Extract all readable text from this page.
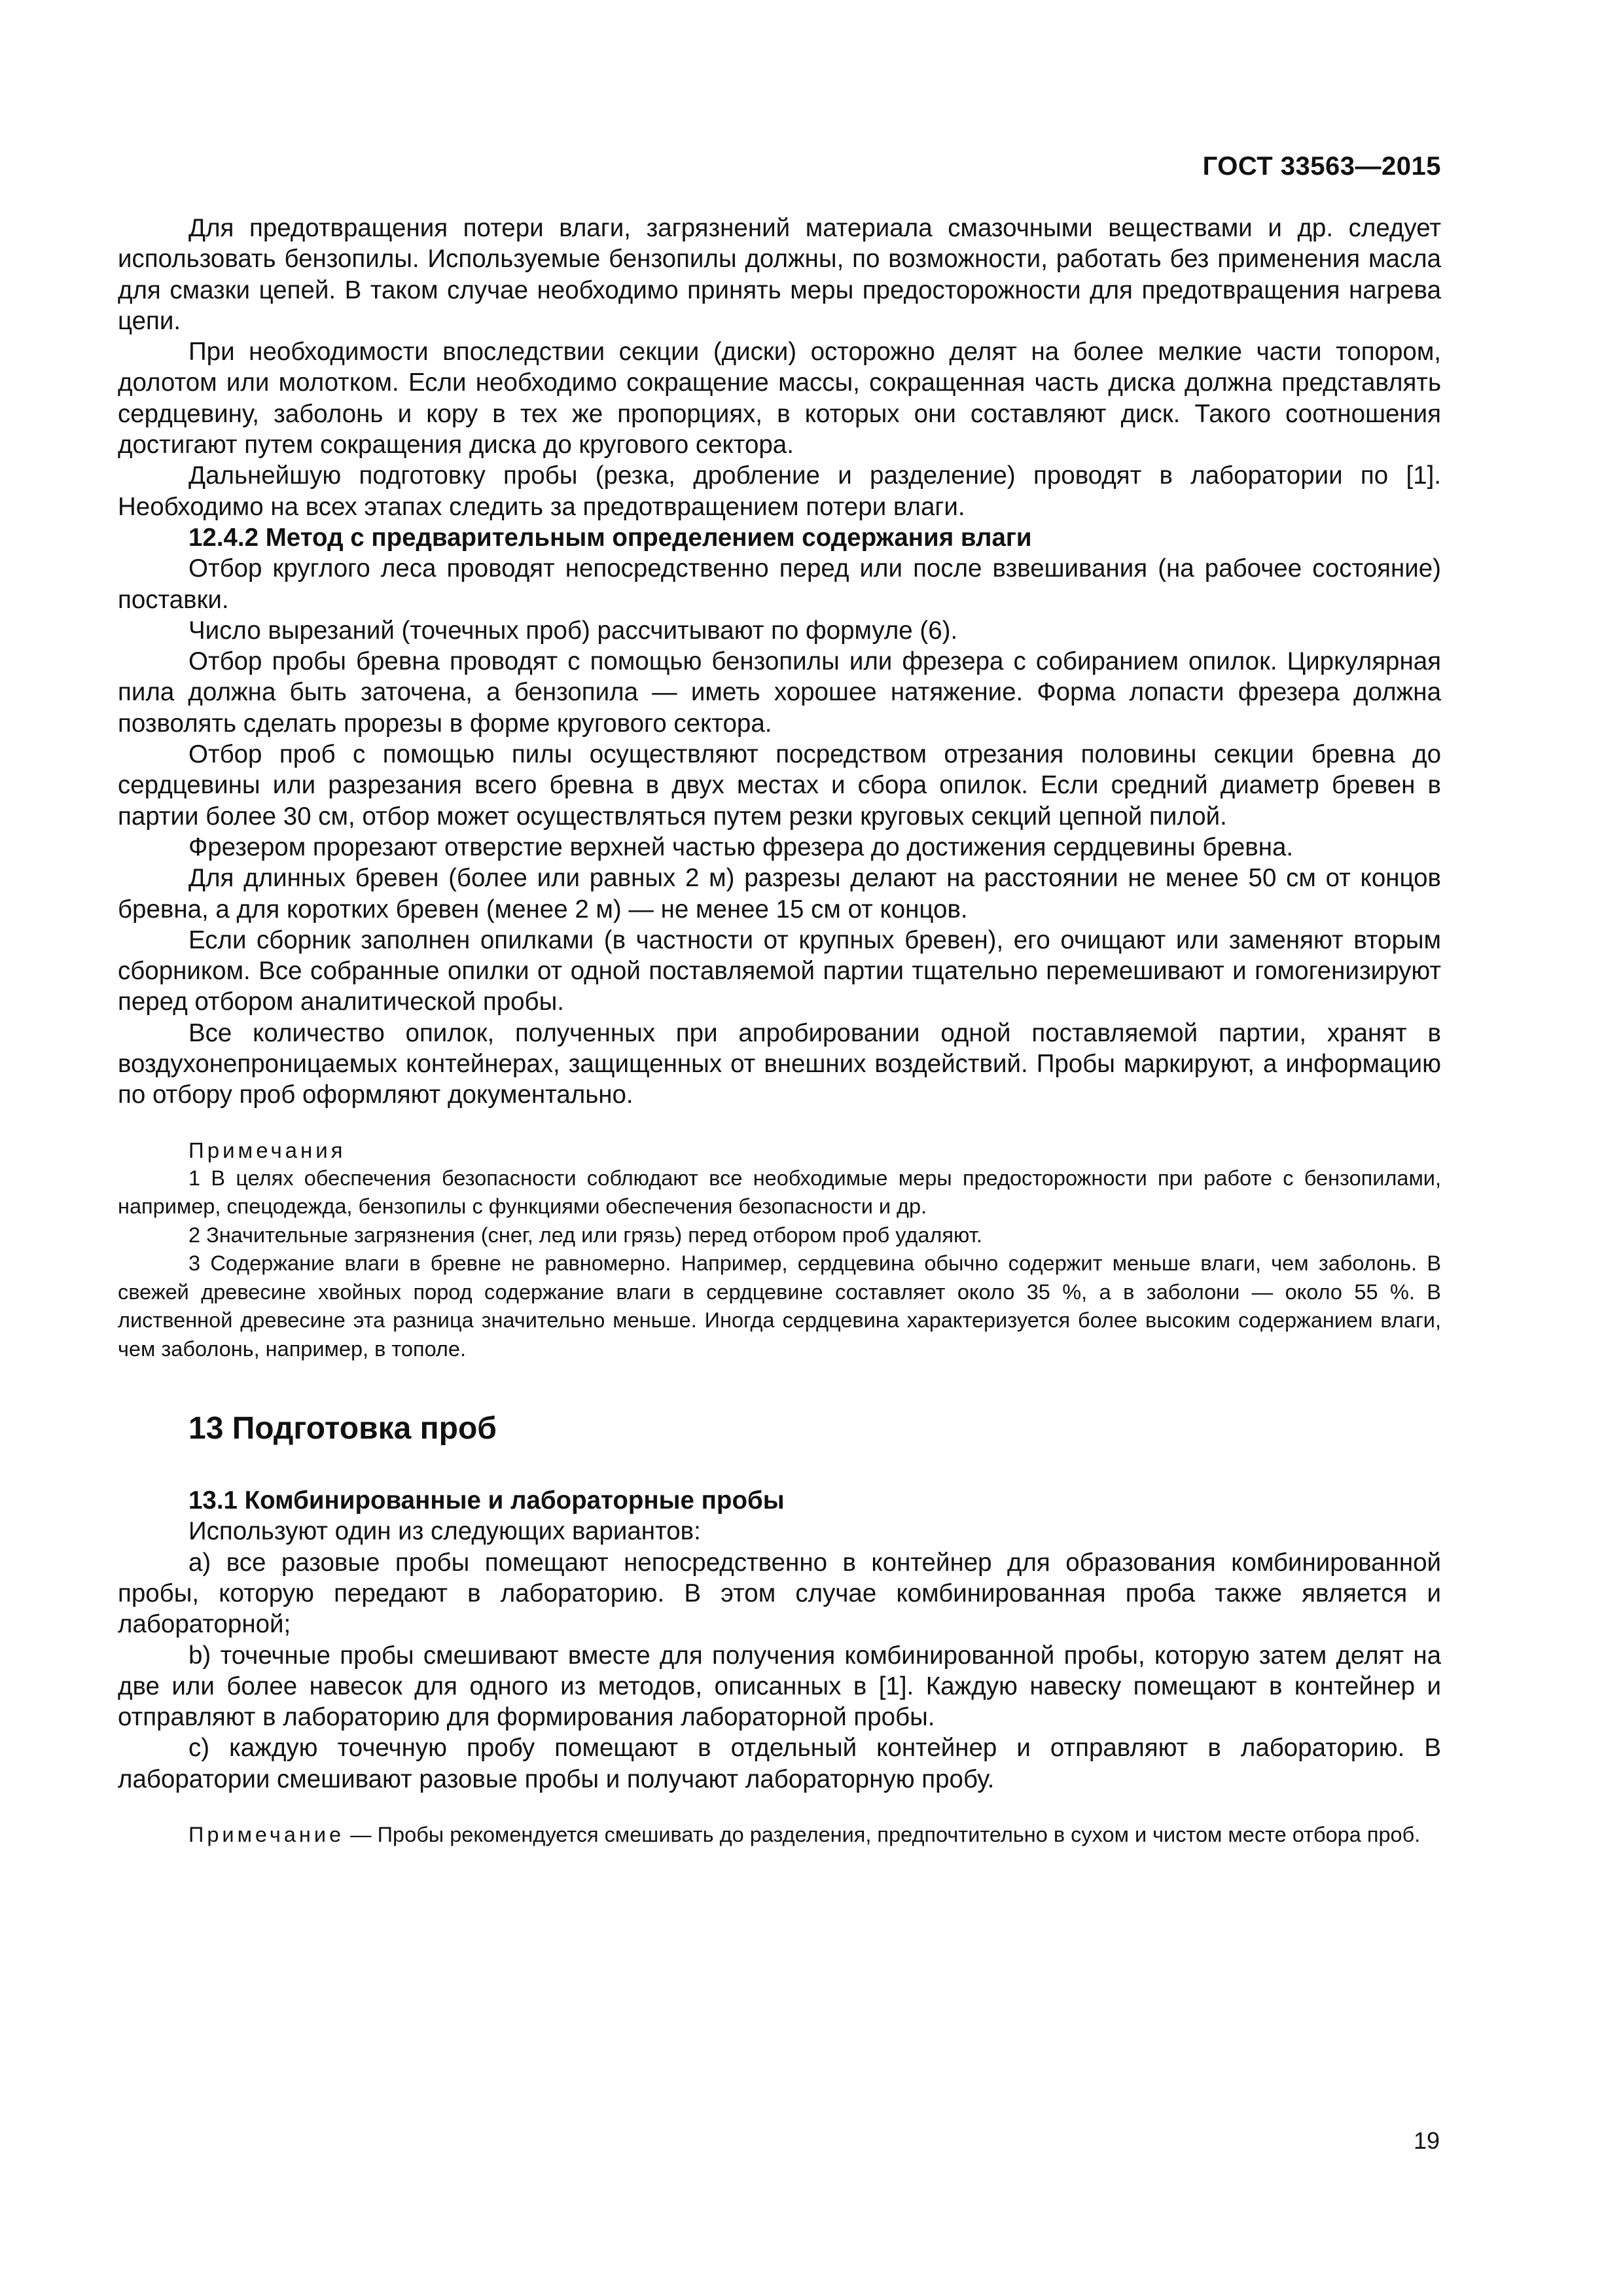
ГОСТ 33563—2015

Для предотвращения потери влаги, загрязнений материала смазочными веществами и др. следует использовать бензопилы. Используемые бензопилы должны, по возможности, работать без применения масла для смазки цепей. В таком случае необходимо принять меры предосторожности для предотвращения нагрева цепи.

При необходимости впоследствии секции (диски) осторожно делят на более мелкие части топором, долотом или молотком. Если необходимо сокращение массы, сокращенная часть диска должна представлять сердцевину, заболонь и кору в тех же пропорциях, в которых они составляют диск. Такого соотношения достигают путем сокращения диска до кругового сектора.

Дальнейшую подготовку пробы (резка, дробление и разделение) проводят в лаборатории по [1]. Необходимо на всех этапах следить за предотвращением потери влаги.

12.4.2 Метод с предварительным определением содержания влаги

Отбор круглого леса проводят непосредственно перед или после взвешивания (на рабочее состояние) поставки.

Число вырезаний (точечных проб) рассчитывают по формуле (6).

Отбор пробы бревна проводят с помощью бензопилы или фрезера с собиранием опилок. Циркулярная пила должна быть заточена, а бензопила — иметь хорошее натяжение. Форма лопасти фрезера должна позволять сделать прорезы в форме кругового сектора.

Отбор проб с помощью пилы осуществляют посредством отрезания половины секции бревна до сердцевины или разрезания всего бревна в двух местах и сбора опилок. Если средний диаметр бревен в партии более 30 см, отбор может осуществляться путем резки круговых секций цепной пилой.

Фрезером прорезают отверстие верхней частью фрезера до достижения сердцевины бревна.

Для длинных бревен (более или равных 2 м) разрезы делают на расстоянии не менее 50 см от концов бревна, а для коротких бревен (менее 2 м) — не менее 15 см от концов.

Если сборник заполнен опилками (в частности от крупных бревен), его очищают или заменяют вторым сборником. Все собранные опилки от одной поставляемой партии тщательно перемешивают и гомогенизируют перед отбором аналитической пробы.

Все количество опилок, полученных при апробировании одной поставляемой партии, хранят в воздухонепроницаемых контейнерах, защищенных от внешних воздействий. Пробы маркируют, а информацию по отбору проб оформляют документально.

Примечания

1 В целях обеспечения безопасности соблюдают все необходимые меры предосторожности при работе с бензопилами, например, спецодежда, бензопилы с функциями обеспечения безопасности и др.

2 Значительные загрязнения (снег, лед или грязь) перед отбором проб удаляют.

3 Содержание влаги в бревне не равномерно. Например, сердцевина обычно содержит меньше влаги, чем заболонь. В свежей древесине хвойных пород содержание влаги в сердцевине составляет около 35 %, а в заболони — около 55 %. В лиственной древесине эта разница значительно меньше. Иногда сердцевина характеризуется более высоким содержанием влаги, чем заболонь, например, в тополе.

13 Подготовка проб

13.1 Комбинированные и лабораторные пробы

Используют один из следующих вариантов:

a) все разовые пробы помещают непосредственно в контейнер для образования комбинированной пробы, которую передают в лабораторию. В этом случае комбинированная проба также является и лабораторной;

b) точечные пробы смешивают вместе для получения комбинированной пробы, которую затем делят на две или более навесок для одного из методов, описанных в [1]. Каждую навеску помещают в контейнер и отправляют в лабораторию для формирования лабораторной пробы.

c) каждую точечную пробу помещают в отдельный контейнер и отправляют в лабораторию. В лаборатории смешивают разовые пробы и получают лабораторную пробу.

Примечание — Пробы рекомендуется смешивать до разделения, предпочтительно в сухом и чистом месте отбора проб.

19
